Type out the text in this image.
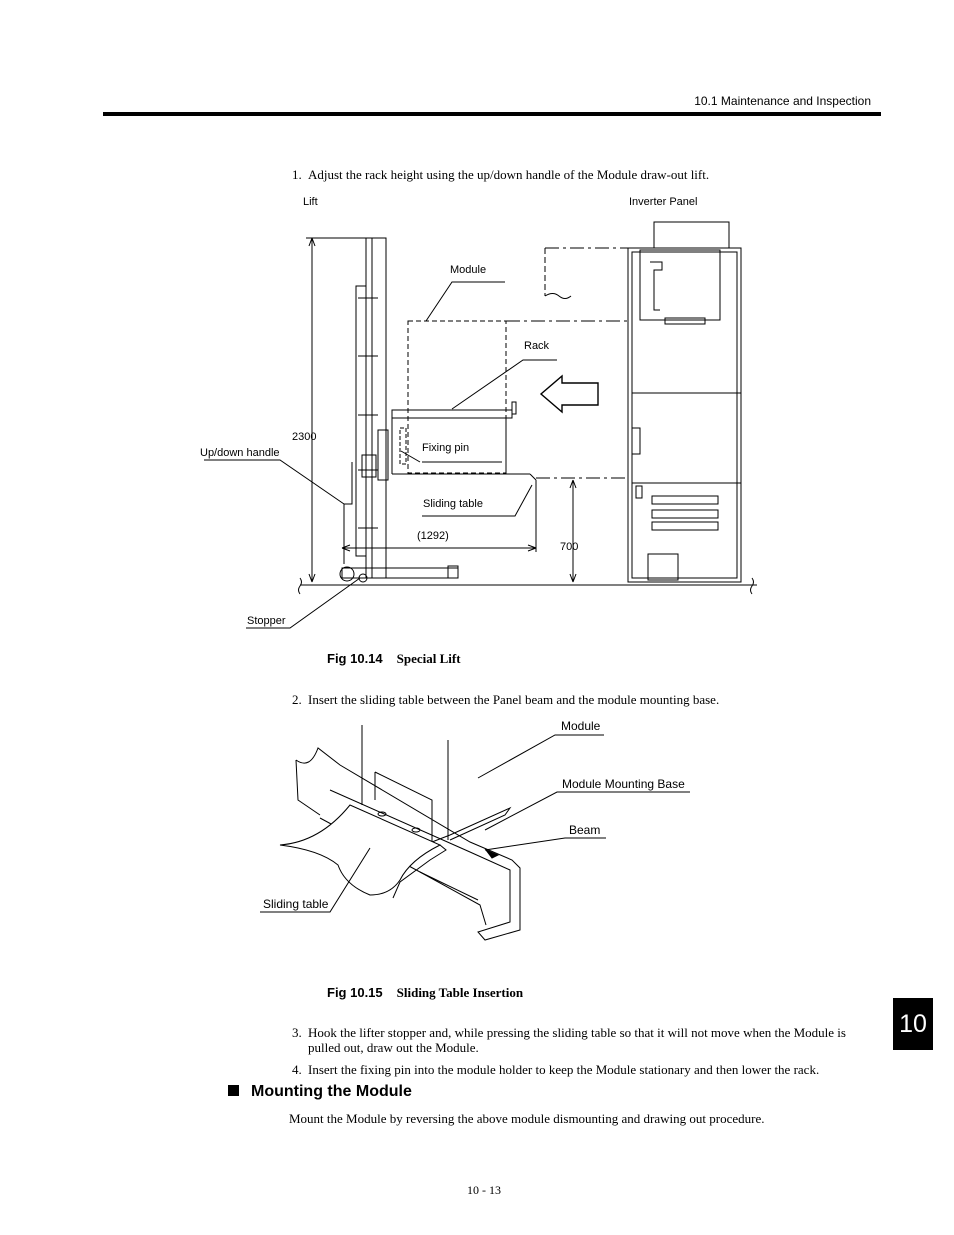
10.1 Maintenance and Inspection
1. Adjust the rack height using the up/down handle of the Module draw-out lift.
Lift	Inverter Panel
Module
Rack
2300
Up/down handle	Fixing pin
Sliding table
(1292)
700
Stopper
Fig 10.14 Special Lift
2. Insert the sliding table between the Panel beam and the module mounting base.
Module
Module Mounting Base
Beam
Sliding table
Fig 10.15 Sliding Table Insertion
10
3. Hook the lifter stopper and, while pressing the sliding table so that it will not move when the Module is
pulled out, draw out the Module.
4. Insert the fixing pin into the module holder to keep the Module stationary and then lower the rack.
Mounting the Module
Mount the Module by reversing the above module dismounting and drawing out procedure.
10 - 13
